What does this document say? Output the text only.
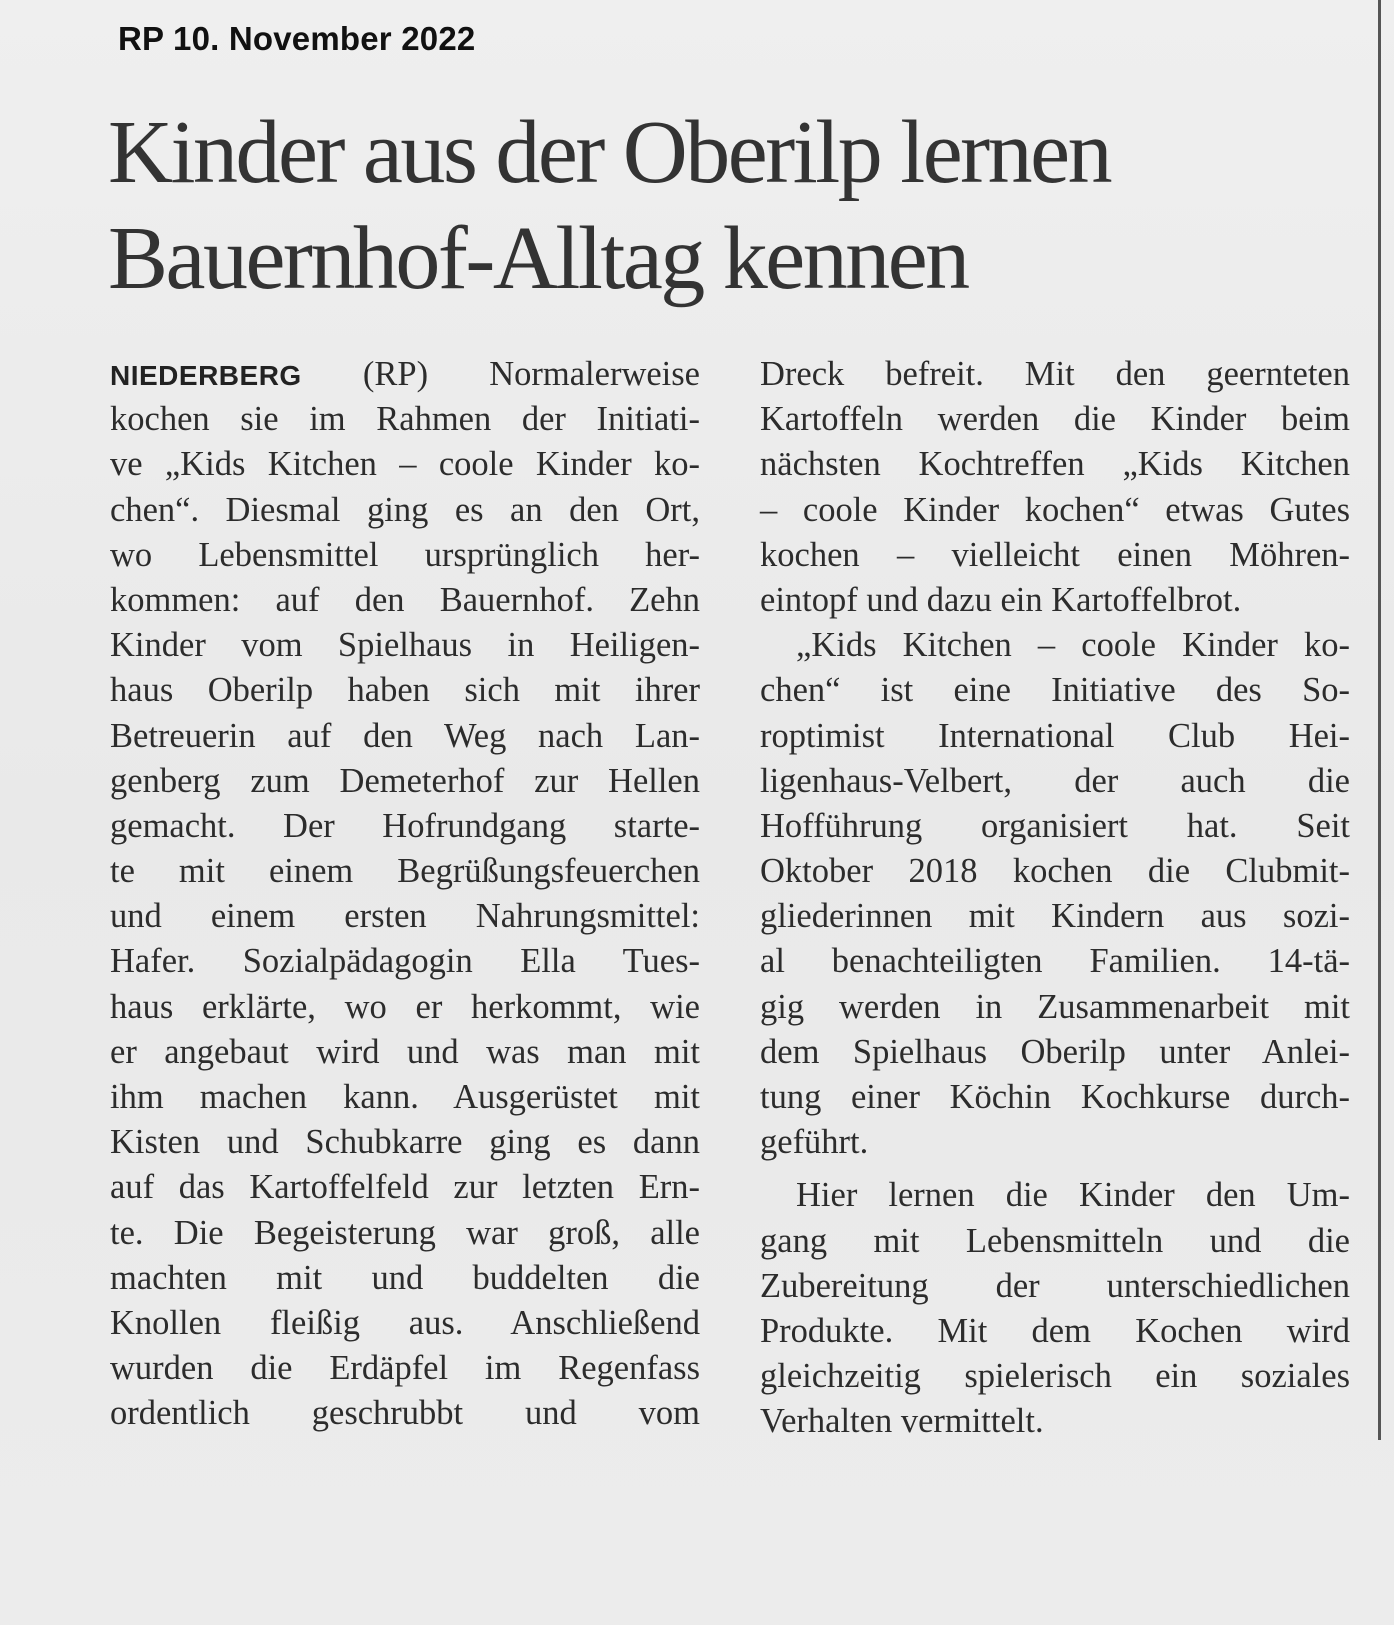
RP 10. November 2022
Kinder aus der Oberilp lernen
Bauernhof-Alltag kennen
NIEDERBERG (RP) Normalerweise
kochen sie im Rahmen der Initiati-
ve „Kids Kitchen – coole Kinder ko-
chen“. Diesmal ging es an den Ort,
wo Lebensmittel ursprünglich her-
kommen: auf den Bauernhof. Zehn
Kinder vom Spielhaus in Heiligen-
haus Oberilp haben sich mit ihrer
Betreuerin auf den Weg nach Lan-
genberg zum Demeterhof zur Hellen
gemacht. Der Hofrundgang starte-
te mit einem Begrüßungsfeuerchen
und einem ersten Nahrungsmittel:
Hafer. Sozialpädagogin Ella Tues-
haus erklärte, wo er herkommt, wie
er angebaut wird und was man mit
ihm machen kann. Ausgerüstet mit
Kisten und Schubkarre ging es dann
auf das Kartoffelfeld zur letzten Ern-
te. Die Begeisterung war groß, alle
machten mit und buddelten die
Knollen fleißig aus. Anschließend
wurden die Erdäpfel im Regenfass
ordentlich geschrubbt und vom
Dreck befreit. Mit den geernteten
Kartoffeln werden die Kinder beim
nächsten Kochtreffen „Kids Kitchen
– coole Kinder kochen“ etwas Gutes
kochen – vielleicht einen Möhren-
eintopf und dazu ein Kartoffelbrot.
„Kids Kitchen – coole Kinder ko-
chen“ ist eine Initiative des So-
roptimist International Club Hei-
ligenhaus-Velbert, der auch die
Hofführung organisiert hat. Seit
Oktober 2018 kochen die Clubmit-
gliederinnen mit Kindern aus sozi-
al benachteiligten Familien. 14-tä-
gig werden in Zusammenarbeit mit
dem Spielhaus Oberilp unter Anlei-
tung einer Köchin Kochkurse durch-
geführt.
Hier lernen die Kinder den Um-
gang mit Lebensmitteln und die
Zubereitung der unterschiedlichen
Produkte. Mit dem Kochen wird
gleichzeitig spielerisch ein soziales
Verhalten vermittelt.
